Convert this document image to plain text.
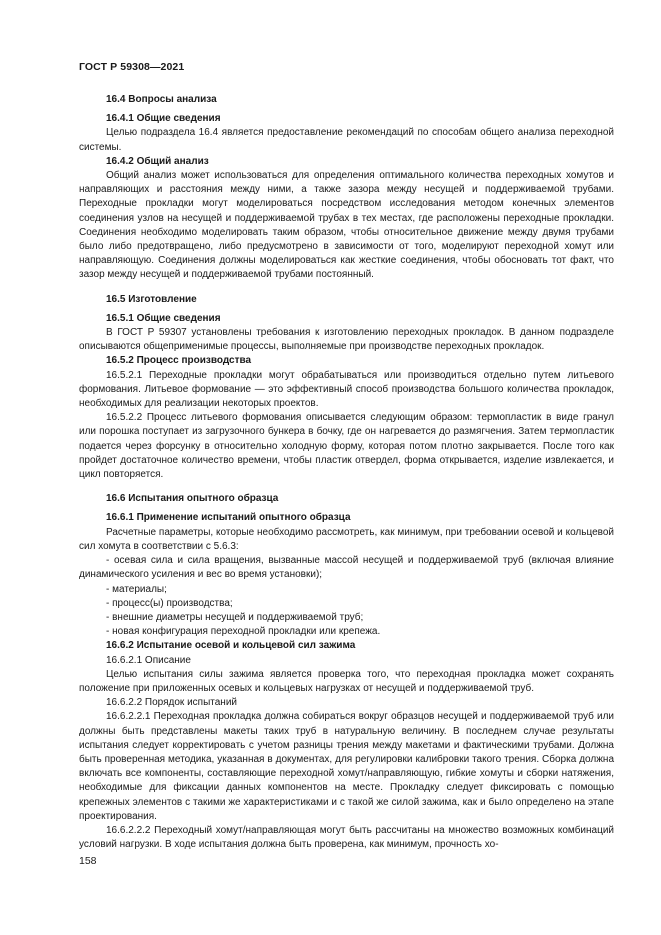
ГОСТ Р 59308—2021

16.4 Вопросы анализа

16.4.1 Общие сведения

Целью подраздела 16.4 является предоставление рекомендаций по способам общего анализа переходной системы.

16.4.2 Общий анализ

Общий анализ может использоваться для определения оптимального количества переходных хомутов и направляющих и расстояния между ними, а также зазора между несущей и поддерживаемой трубами. Переходные прокладки могут моделироваться посредством исследования методом конечных элементов соединения узлов на несущей и поддерживаемой трубах в тех местах, где расположены переходные прокладки. Соединения необходимо моделировать таким образом, чтобы относительное движение между двумя трубами было либо предотвращено, либо предусмотрено в зависимости от того, моделируют переходной хомут или направляющую. Соединения должны моделироваться как жесткие соединения, чтобы обосновать тот факт, что зазор между несущей и поддерживаемой трубами постоянный.

16.5 Изготовление

16.5.1 Общие сведения

В ГОСТ Р 59307 установлены требования к изготовлению переходных прокладок. В данном подразделе описываются общеприменимые процессы, выполняемые при производстве переходных прокладок.

16.5.2 Процесс производства

16.5.2.1 Переходные прокладки могут обрабатываться или производиться отдельно путем литьевого формования. Литьевое формование — это эффективный способ производства большого количества прокладок, необходимых для реализации некоторых проектов.

16.5.2.2 Процесс литьевого формования описывается следующим образом: термопластик в виде гранул или порошка поступает из загрузочного бункера в бочку, где он нагревается до размягчения. Затем термопластик подается через форсунку в относительно холодную форму, которая потом плотно закрывается. После того как пройдет достаточное количество времени, чтобы пластик отвердел, форма открывается, изделие извлекается, и цикл повторяется.

16.6 Испытания опытного образца

16.6.1 Применение испытаний опытного образца

Расчетные параметры, которые необходимо рассмотреть, как минимум, при требовании осевой и кольцевой сил хомута в соответствии с 5.6.3:

- осевая сила и сила вращения, вызванные массой несущей и поддерживаемой труб (включая влияние динамического усиления и вес во время установки);
- материалы;
- процесс(ы) производства;
- внешние диаметры несущей и поддерживаемой труб;
- новая конфигурация переходной прокладки или крепежа.

16.6.2 Испытание осевой и кольцевой сил зажима

16.6.2.1 Описание

Целью испытания силы зажима является проверка того, что переходная прокладка может сохранять положение при приложенных осевых и кольцевых нагрузках от несущей и поддерживаемой труб.

16.6.2.2 Порядок испытаний

16.6.2.2.1 Переходная прокладка должна собираться вокруг образцов несущей и поддерживаемой труб или должны быть представлены макеты таких труб в натуральную величину. В последнем случае результаты испытания следует корректировать с учетом разницы трения между макетами и фактическими трубами. Должна быть проверенная методика, указанная в документах, для регулировки калибровки такого трения. Сборка должна включать все компоненты, составляющие переходной хомут/направляющую, гибкие хомуты и сборки натяжения, необходимые для фиксации данных компонентов на месте. Прокладку следует фиксировать с помощью крепежных элементов с такими же характеристиками и с такой же силой зажима, как и было определено на этапе проектирования.

16.6.2.2.2 Переходный хомут/направляющая могут быть рассчитаны на множество возможных комбинаций условий нагрузки. В ходе испытания должна быть проверена, как минимум, прочность хо-

158
